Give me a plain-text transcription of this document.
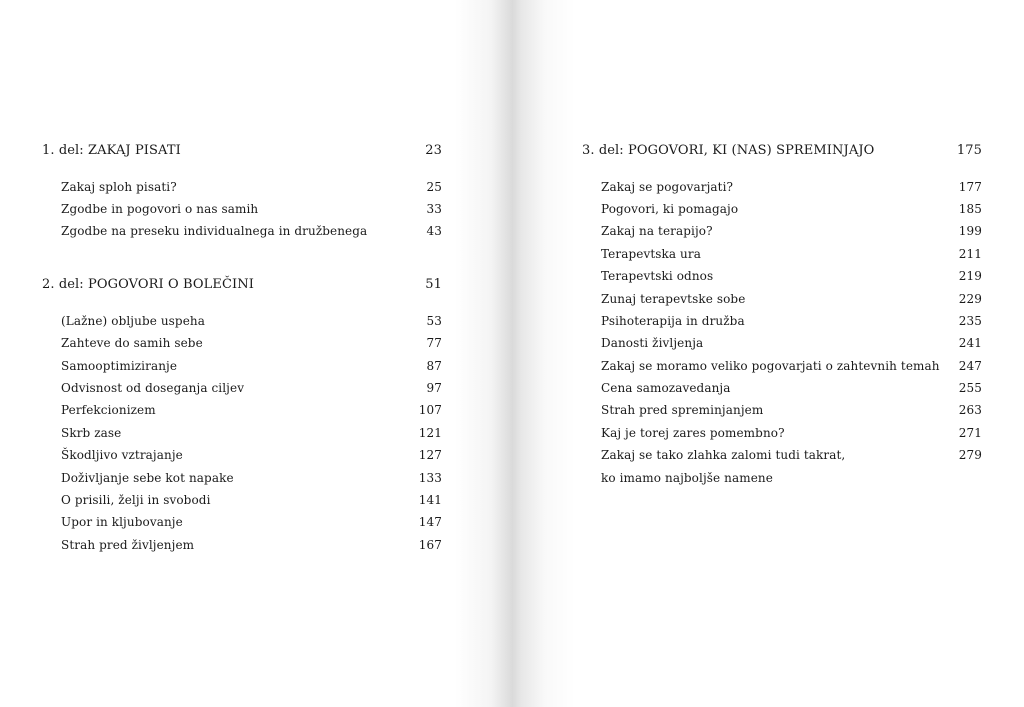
1. del: ZAKAJ PISATI	23
Zakaj sploh pisati?	25
Zgodbe in pogovori o nas samih	33
Zgodbe na preseku individualnega in družbenega	43
2. del: POGOVORI O BOLEČINI	51
(Lažne) obljube uspeha	53
Zahteve do samih sebe	77
Samooptimiziranje	87
Odvisnost od doseganja ciljev	97
Perfekcionizem	107
Skrb zase	121
Škodljivo vztrajanje	127
Doživljanje sebe kot napake	133
O prisili, želji in svobodi	141
Upor in kljubovanje	147
Strah pred življenjem	167
3. del: POGOVORI, KI (NAS) SPREMINJAJO	175
Zakaj se pogovarjati?	177
Pogovori, ki pomagajo	185
Zakaj na terapijo?	199
Terapevtska ura	211
Terapevtski odnos	219
Zunaj terapevtske sobe	229
Psihoterapija in družba	235
Danosti življenja	241
Zakaj se moramo veliko pogovarjati o zahtevnih temah 247
Cena samozavedanja	255
Strah pred spreminjanjem	263
Kaj je torej zares pomembno?	271
Zakaj se tako zlahka zalomi tudi takrat,	279
ko imamo najboljše namene
